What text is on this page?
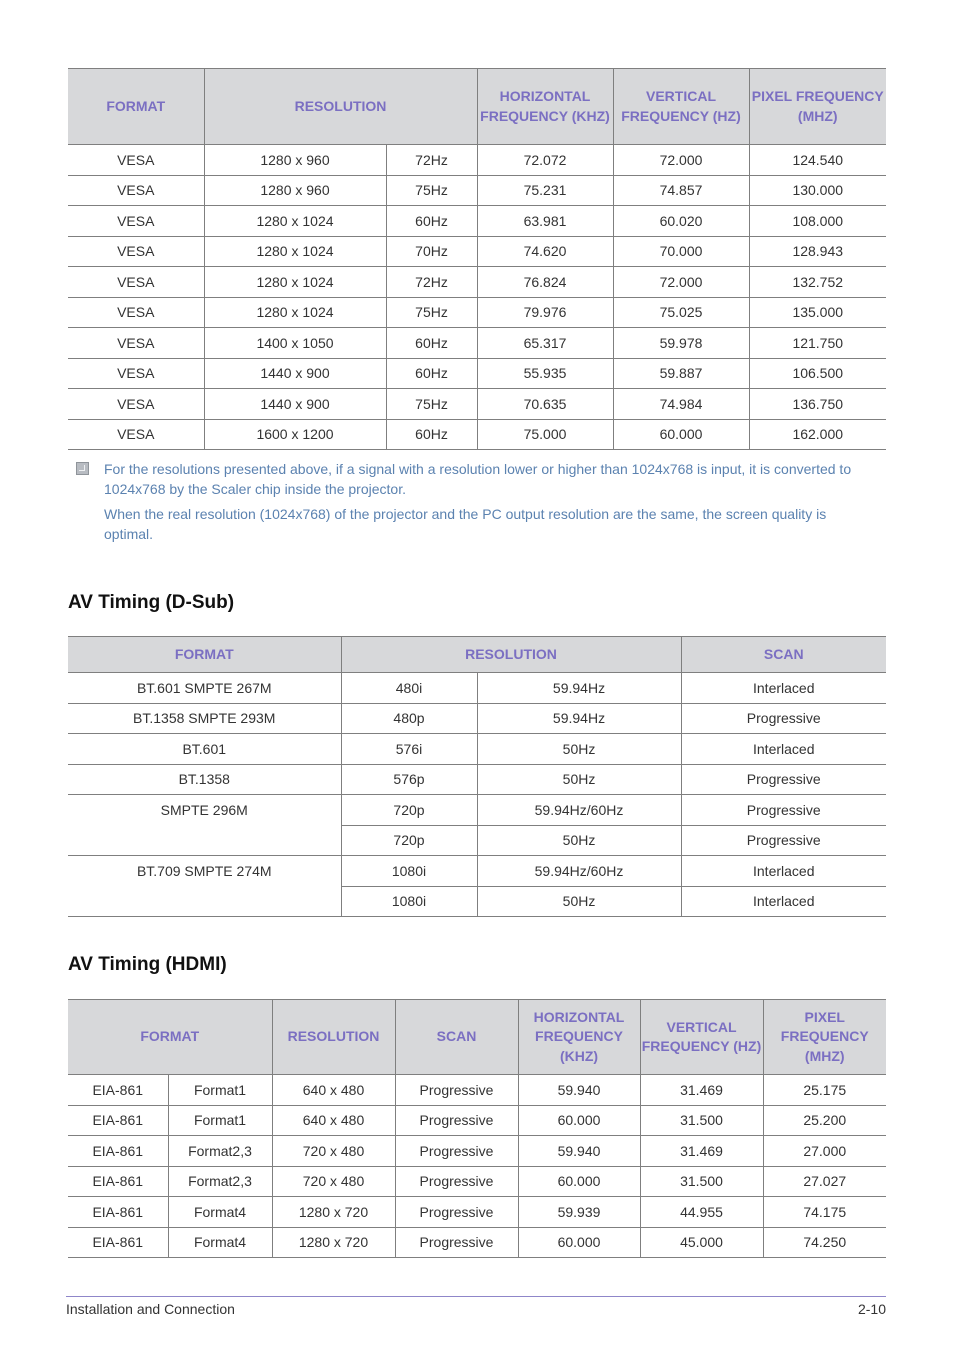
FORMAT	RESOLUTION		HORIZONTAL FREQUENCY (KHZ)	VERTICAL FREQUENCY (HZ)	PIXEL FREQUENCY (MHZ)
VESA	1280 x 960	72Hz	72.072	72.000	124.540
VESA	1280 x 960	75Hz	75.231	74.857	130.000
VESA	1280 x 1024	60Hz	63.981	60.020	108.000
VESA	1280 x 1024	70Hz	74.620	70.000	128.943
VESA	1280 x 1024	72Hz	76.824	72.000	132.752
VESA	1280 x 1024	75Hz	79.976	75.025	135.000
VESA	1400 x 1050	60Hz	65.317	59.978	121.750
VESA	1440 x 900	60Hz	55.935	59.887	106.500
VESA	1440 x 900	75Hz	70.635	74.984	136.750
VESA	1600 x 1200	60Hz	75.000	60.000	162.000

For the resolutions presented above, if a signal with a resolution lower or higher than 1024x768 is input, it is converted to 1024x768 by the Scaler chip inside the projector.

When the real resolution (1024x768) of the projector and the PC output resolution are the same, the screen quality is optimal.

AV Timing (D-Sub)
FORMAT	RESOLUTION		SCAN
BT.601 SMPTE 267M	480i	59.94Hz	Interlaced
BT.1358 SMPTE 293M	480p	59.94Hz	Progressive
BT.601	576i	50Hz	Interlaced
BT.1358	576p	50Hz	Progressive
SMPTE 296M	720p	59.94Hz/60Hz	Progressive
	720p	50Hz	Progressive
BT.709 SMPTE 274M	1080i	59.94Hz/60Hz	Interlaced
	1080i	50Hz	Interlaced
AV Timing (HDMI)
FORMAT		RESOLUTION	SCAN	HORIZONTAL FREQUENCY (KHZ)	VERTICAL FREQUENCY (HZ)	PIXEL FREQUENCY (MHZ)
EIA-861	Format1	640 x 480	Progressive	59.940	31.469	25.175
EIA-861	Format1	640 x 480	Progressive	60.000	31.500	25.200
EIA-861	Format2,3	720 x 480	Progressive	59.940	31.469	27.000
EIA-861	Format2,3	720 x 480	Progressive	60.000	31.500	27.027
EIA-861	Format4	1280 x 720	Progressive	59.939	44.955	74.175
EIA-861	Format4	1280 x 720	Progressive	60.000	45.000	74.250
Installation and Connection	2-10
